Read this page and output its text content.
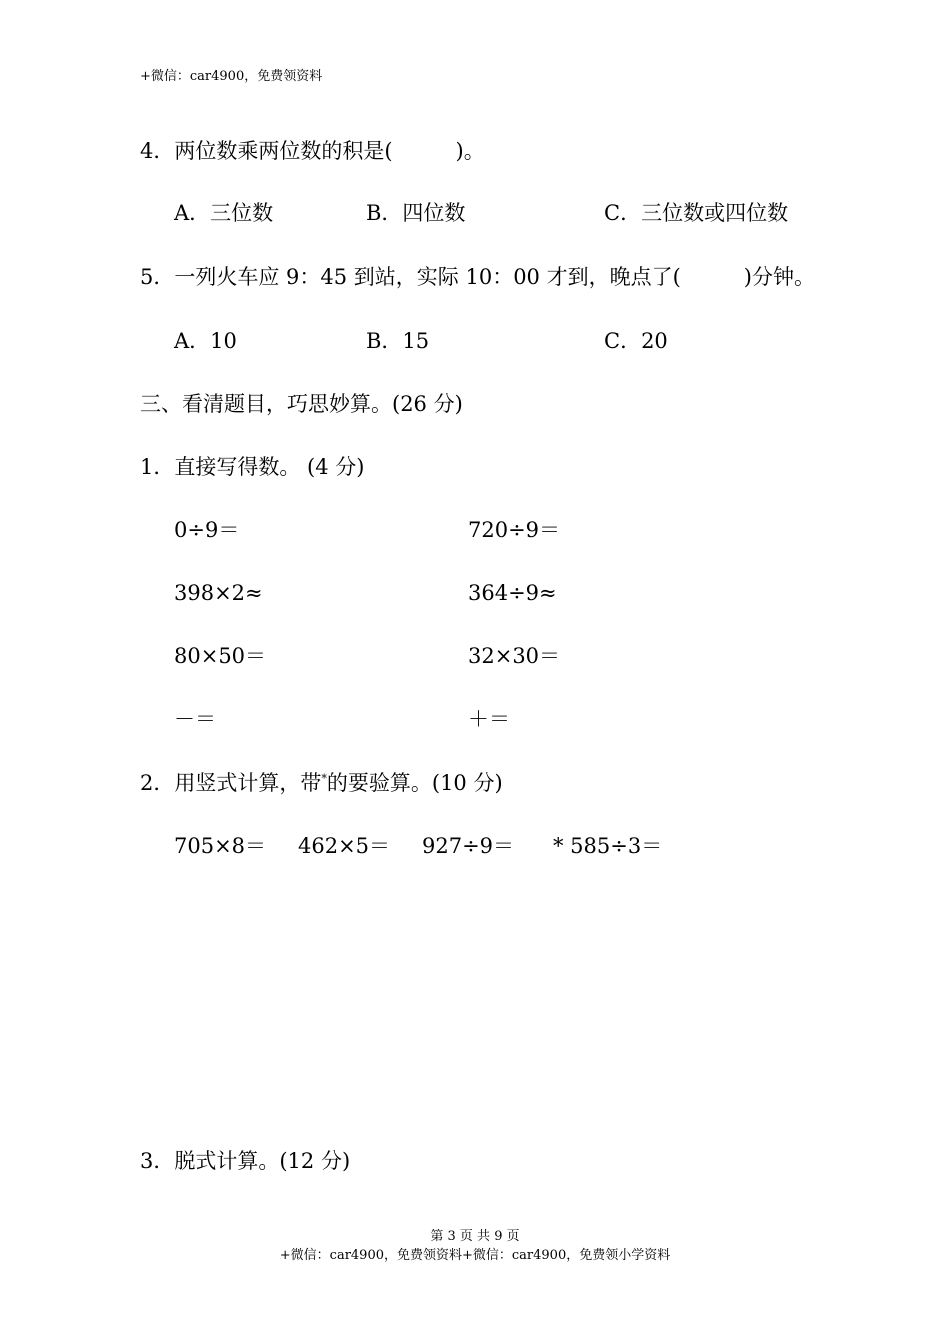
+微信：car4900，免费领资料
4．两位数乘两位数的积是(　　　)。
A．三位数	B．四位数	C．三位数或四位数
5．一列火车应 9：45 到站，实际 10：00 才到，晚点了(　　　)分钟。
A．10	B．15	C．20
三、看清题目，巧思妙算。(26 分)
1．直接写得数。 (4 分)
0÷9＝	720÷9＝
398×2≈	364÷9≈
80×50＝	32×30＝
－＝	＋＝
2．用竖式计算，带*的要验算。(10 分)
705×8＝ 462×5＝ 927÷9＝ * 585÷3＝
3．脱式计算。(12 分)
第 3 页 共 9 页
+微信：car4900，免费领资料+微信：car4900，免费领小学资料
